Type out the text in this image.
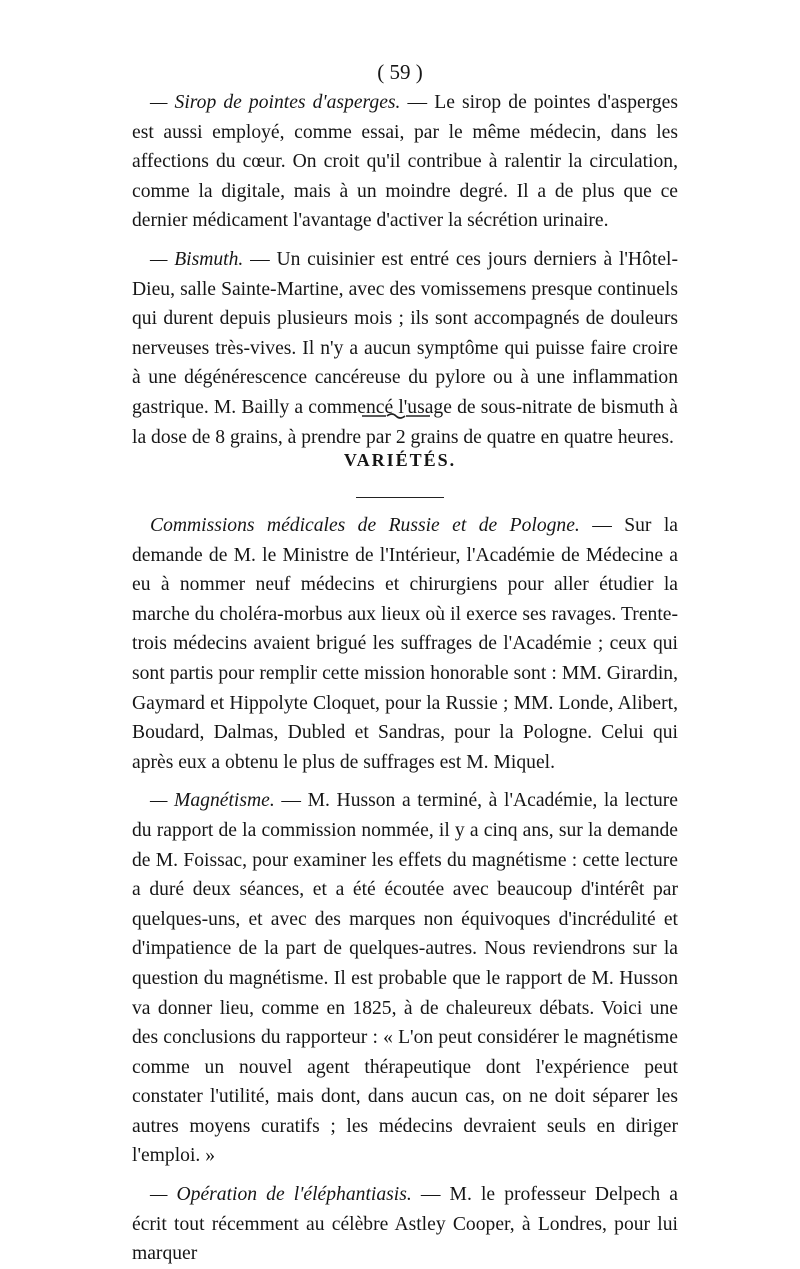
( 59 )

— Sirop de pointes d'asperges. — Le sirop de pointes d'asperges est aussi employé, comme essai, par le même médecin, dans les affections du cœur. On croit qu'il contribue à ralentir la circulation, comme la digitale, mais à un moindre degré. Il a de plus que ce dernier médicament l'avantage d'activer la sécrétion urinaire.

— Bismuth. — Un cuisinier est entré ces jours derniers à l'Hôtel-Dieu, salle Sainte-Martine, avec des vomissemens presque continuels qui durent depuis plusieurs mois ; ils sont accompagnés de douleurs nerveuses très-vives. Il n'y a aucun symptôme qui puisse faire croire à une dégénérescence cancéreuse du pylore ou à une inflammation gastrique. M. Bailly a commencé l'usage de sous-nitrate de bismuth à la dose de 8 grains, à prendre par 2 grains de quatre en quatre heures.

VARIÉTÉS.

Commissions médicales de Russie et de Pologne. — Sur la demande de M. le Ministre de l'Intérieur, l'Académie de Médecine a eu à nommer neuf médecins et chirurgiens pour aller étudier la marche du choléra-morbus aux lieux où il exerce ses ravages. Trente-trois médecins avaient brigué les suffrages de l'Académie ; ceux qui sont partis pour remplir cette mission honorable sont : MM. Girardin, Gaymard et Hippolyte Cloquet, pour la Russie ; MM. Londe, Alibert, Boudard, Dalmas, Dubled et Sandras, pour la Pologne. Celui qui après eux a obtenu le plus de suffrages est M. Miquel.

— Magnétisme. — M. Husson a terminé, à l'Académie, la lecture du rapport de la commission nommée, il y a cinq ans, sur la demande de M. Foissac, pour examiner les effets du magnétisme : cette lecture a duré deux séances, et a été écoutée avec beaucoup d'intérêt par quelques-uns, et avec des marques non équivoques d'incrédulité et d'impatience de la part de quelques-autres. Nous reviendrons sur la question du magnétisme. Il est probable que le rapport de M. Husson va donner lieu, comme en 1825, à de chaleureux débats. Voici une des conclusions du rapporteur : « L'on peut considérer le magnétisme comme un nouvel agent thérapeutique dont l'expérience peut constater l'utilité, mais dont, dans aucun cas, on ne doit séparer les autres moyens curatifs ; les médecins devraient seuls en diriger l'emploi. »

— Opération de l'éléphantiasis. — M. le professeur Delpech a écrit tout récemment au célèbre Astley Cooper, à Londres, pour lui marquer
